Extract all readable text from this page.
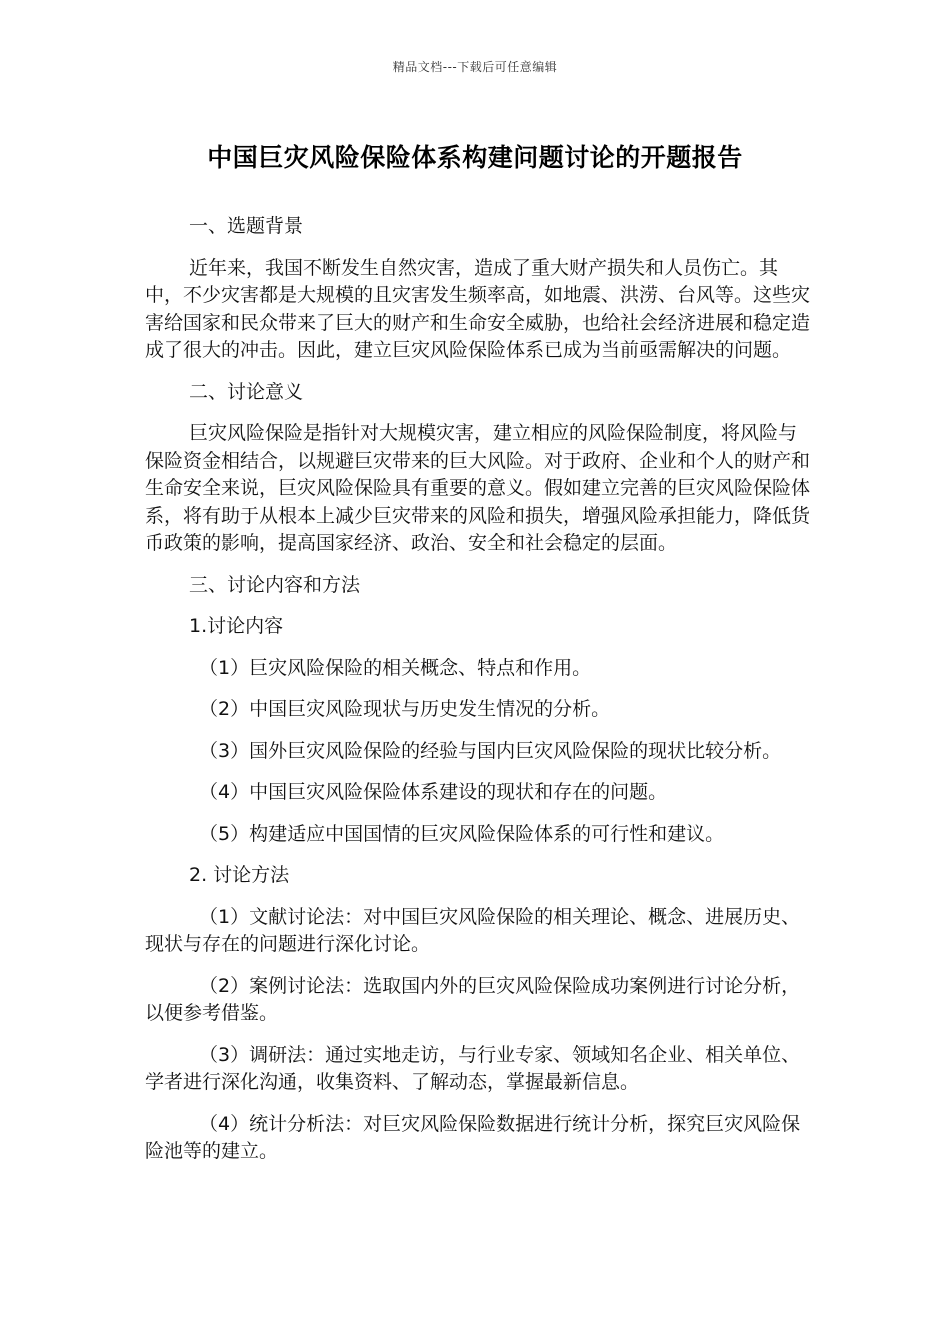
精品文档---下载后可任意编辑
中国巨灾风险保险体系构建问题讨论的开题报告

一、选题背景

近年来，我国不断发生自然灾害，造成了重大财产损失和人员伤亡。其中，不少灾害都是大规模的且灾害发生频率高，如地震、洪涝、台风等。这些灾害给国家和民众带来了巨大的财产和生命安全威胁，也给社会经济进展和稳定造成了很大的冲击。因此，建立巨灾风险保险体系已成为当前亟需解决的问题。

二、讨论意义

巨灾风险保险是指针对大规模灾害，建立相应的风险保险制度，将风险与保险资金相结合，以规避巨灾带来的巨大风险。对于政府、企业和个人的财产和生命安全来说，巨灾风险保险具有重要的意义。假如建立完善的巨灾风险保险体系，将有助于从根本上减少巨灾带来的风险和损失，增强风险承担能力，降低货币政策的影响，提高国家经济、政治、安全和社会稳定的层面。

三、讨论内容和方法

1.讨论内容

（1）巨灾风险保险的相关概念、特点和作用。

（2）中国巨灾风险现状与历史发生情况的分析。

（3）国外巨灾风险保险的经验与国内巨灾风险保险的现状比较分析。

（4）中国巨灾风险保险体系建设的现状和存在的问题。

（5）构建适应中国国情的巨灾风险保险体系的可行性和建议。

2. 讨论方法

（1）文献讨论法：对中国巨灾风险保险的相关理论、概念、进展历史、现状与存在的问题进行深化讨论。

（2）案例讨论法：选取国内外的巨灾风险保险成功案例进行讨论分析，以便参考借鉴。

（3）调研法：通过实地走访，与行业专家、领域知名企业、相关单位、学者进行深化沟通，收集资料、了解动态，掌握最新信息。

（4）统计分析法：对巨灾风险保险数据进行统计分析，探究巨灾风险保险池等的建立。
